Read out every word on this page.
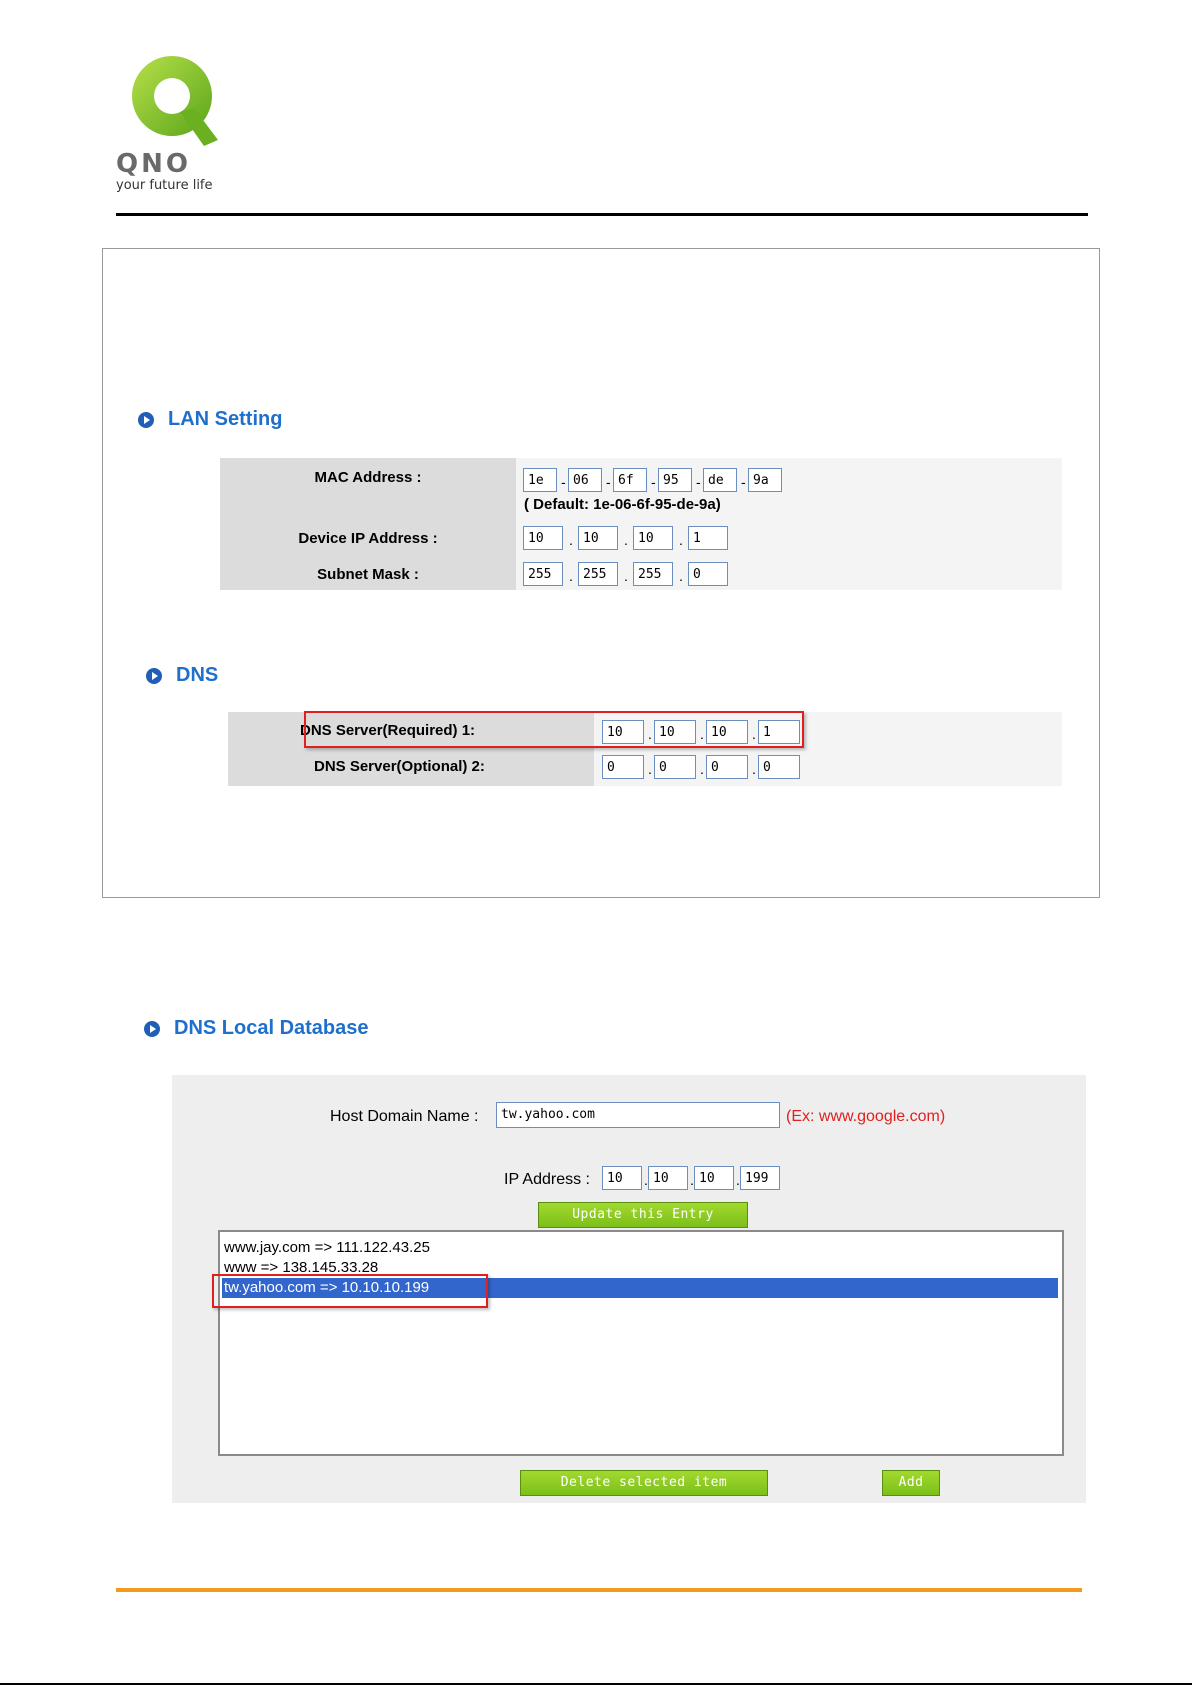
QNO
your future life
LAN Setting
MAC Address :	1e	- 06	- 6f	- 95	- de	- 9a
( Default: 1e-06-6f-95-de-9a)
Device IP Address :	10	. 10	. 10	. 1
Subnet Mask :	255	. 255	. 255	. 0
DNS
DNS Server(Required) 1:	10	. 10	. 10	. 1
DNS Server(Optional) 2:	0	. 0	. 0	. 0
DNS Local Database
Host Domain Name :	tw.yahoo.com	(Ex: www.google.com)
IP Address :	10	. 10	. 10	. 199
Update this Entry
www.jay.com => 111.122.43.25
www => 138.145.33.28
tw.yahoo.com => 10.10.10.199
Delete selected item	Add
